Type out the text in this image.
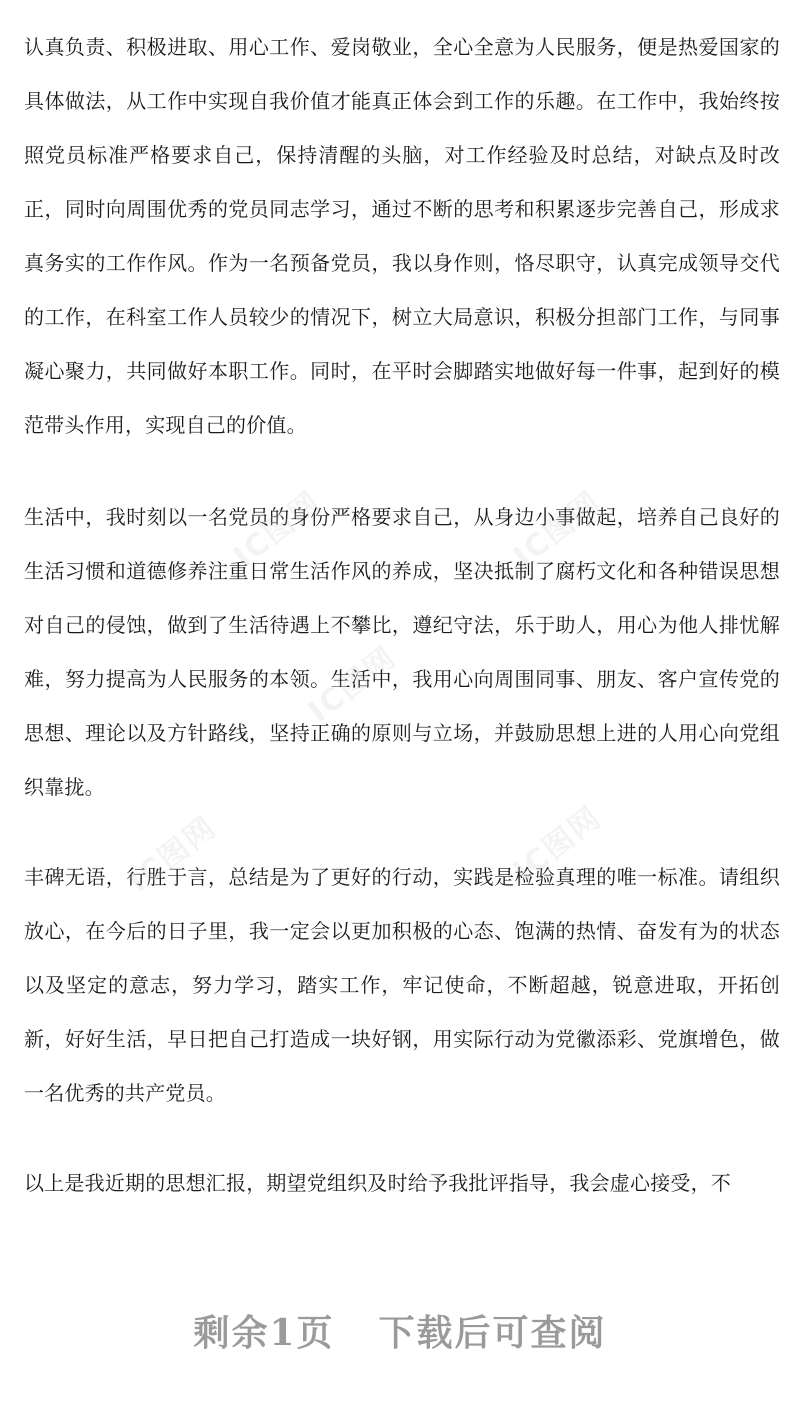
认真负责、积极进取、用心工作、爱岗敬业，全心全意为人民服务，便是热爱国家的具体做法，从工作中实现自我价值才能真正体会到工作的乐趣。在工作中，我始终按照党员标准严格要求自己，保持清醒的头脑，对工作经验及时总结，对缺点及时改正，同时向周围优秀的党员同志学习，通过不断的思考和积累逐步完善自己，形成求真务实的工作作风。作为一名预备党员，我以身作则，恪尽职守，认真完成领导交代的工作，在科室工作人员较少的情况下，树立大局意识，积极分担部门工作，与同事凝心聚力，共同做好本职工作。同时，在平时会脚踏实地做好每一件事，起到好的模范带头作用，实现自己的价值。

生活中，我时刻以一名党员的身份严格要求自己，从身边小事做起，培养自己良好的生活习惯和道德修养注重日常生活作风的养成，坚决抵制了腐朽文化和各种错误思想对自己的侵蚀，做到了生活待遇上不攀比，遵纪守法，乐于助人，用心为他人排忧解难，努力提高为人民服务的本领。生活中，我用心向周围同事、朋友、客户宣传党的思想、理论以及方针路线，坚持正确的原则与立场，并鼓励思想上进的人用心向党组织靠拢。

丰碑无语，行胜于言，总结是为了更好的行动，实践是检验真理的唯一标准。请组织放心，在今后的日子里，我一定会以更加积极的心态、饱满的热情、奋发有为的状态以及坚定的意志，努力学习，踏实工作，牢记使命，不断超越，锐意进取，开拓创新，好好生活，早日把自己打造成一块好钢，用实际行动为党徽添彩、党旗增色，做一名优秀的共产党员。

以上是我近期的思想汇报，期望党组织及时给予我批评指导，我会虚心接受，不

IC图网	IC图网
IC图网
IC图网	IC图网
剩余1页 下载后可查阅
